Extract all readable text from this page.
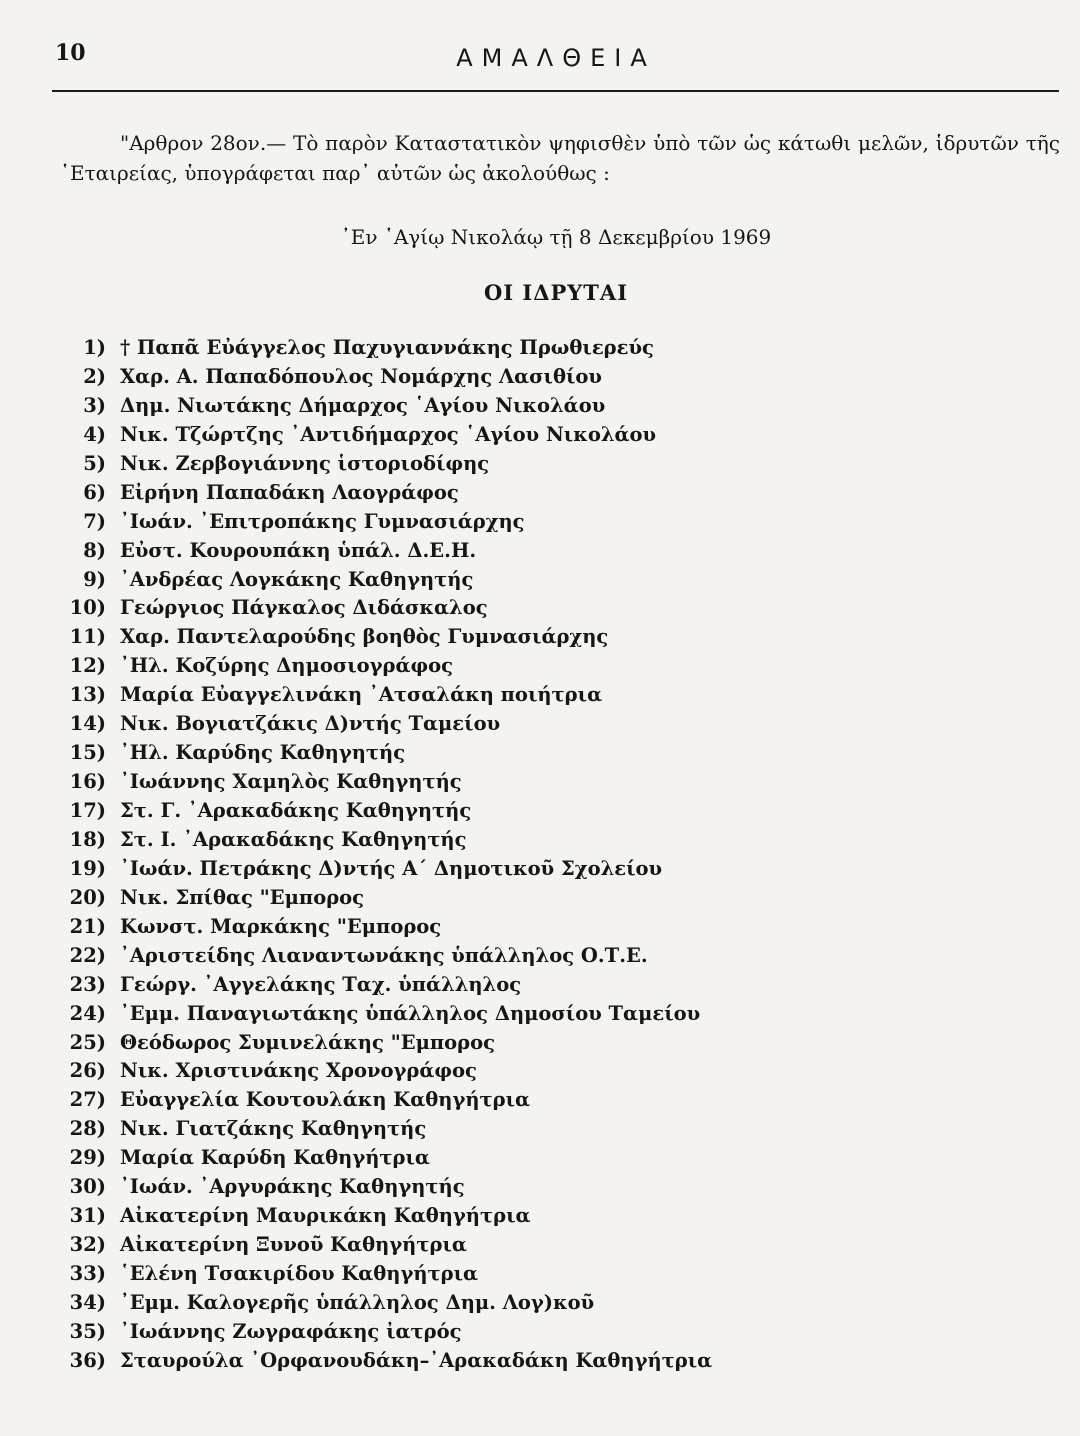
10	ΑΜΑΛΘΕΙΑ
"Αρθρον 28ον.— Τὸ παρὸν Καταστατικὸν ψηφισθὲν ὑπὸ τῶν ὡς κάτωθι μελῶν, ἱδρυτῶν τῆς ῾Εταιρείας, ὑπογράφεται παρ᾿ αὐτῶν ὡς ἀκολούθως :
᾿Εν ῾Αγίῳ Νικολάῳ τῇ 8 Δεκεμβρίου 1969
ΟΙ ΙΔΡΥΤΑΙ
1) † Παπᾶ Εὐάγγελος Παχυγιαννάκης Πρωθιερεύς
2) Χαρ. Α. Παπαδόπουλος Νομάρχης Λασιθίου
3) Δημ. Νιωτάκης Δήμαρχος ῾Αγίου Νικολάου
4) Νικ. Τζώρτζης ᾿Αντιδήμαρχος ῾Αγίου Νικολάου
5) Νικ. Ζερβογιάννης ἱστοριοδίφης
6) Εἰρήνη Παπαδάκη Λαογράφος
7) ᾿Ιωάν. ᾿Επιτροπάκης Γυμνασιάρχης
8) Εὐστ. Κουρουπάκη ὑπάλ. Δ.Ε.Η.
9) ᾿Ανδρέας Λογκάκης Καθηγητής
10) Γεώργιος Πάγκαλος Διδάσκαλος
11) Χαρ. Παντελαρούδης βοηθὸς Γυμνασιάρχης
12) ᾿Ηλ. Κοζύρης Δημοσιογράφος
13) Μαρία Εὐαγγελινάκη ᾿Ατσαλάκη ποιήτρια
14) Νικ. Βογιατζάκις Δ)ντής Ταμείου
15) ᾿Ηλ. Καρύδης Καθηγητής
16) ᾿Ιωάννης Χαμηλὸς Καθηγητής
17) Στ. Γ. ᾿Αρακαδάκης Καθηγητής
18) Στ. Ι. ᾿Αρακαδάκης Καθηγητής
19) ᾿Ιωάν. Πετράκης Δ)ντής Α΄ Δημοτικοῦ Σχολείου
20) Νικ. Σπίθας "Εμπορος
21) Κωνστ. Μαρκάκης "Εμπορος
22) ᾿Αριστείδης Λιαναντωνάκης ὑπάλληλος Ο.Τ.Ε.
23) Γεώργ. ᾿Αγγελάκης Ταχ. ὑπάλληλος
24) ᾿Εμμ. Παναγιωτάκης ὑπάλληλος Δημοσίου Ταμείου
25) Θεόδωρος Συμινελάκης "Εμπορος
26) Νικ. Χριστινάκης Χρονογράφος
27) Εὐαγγελία Κουτουλάκη Καθηγήτρια
28) Νικ. Γιατζάκης Καθηγητής
29) Μαρία Καρύδη Καθηγήτρια
30) ᾿Ιωάν. ᾿Αργυράκης Καθηγητής
31) Αἰκατερίνη Μαυρικάκη Καθηγήτρια
32) Αἰκατερίνη Ξυνοῦ Καθηγήτρια
33) ῾Ελένη Τσακιρίδου Καθηγήτρια
34) ᾿Εμμ. Καλογερῆς ὑπάλληλος Δημ. Λογ)κοῦ
35) ᾿Ιωάννης Ζωγραφάκης ἰατρός
36) Σταυρούλα ᾿Ορφανουδάκη–᾿Αρακαδάκη Καθηγήτρια
